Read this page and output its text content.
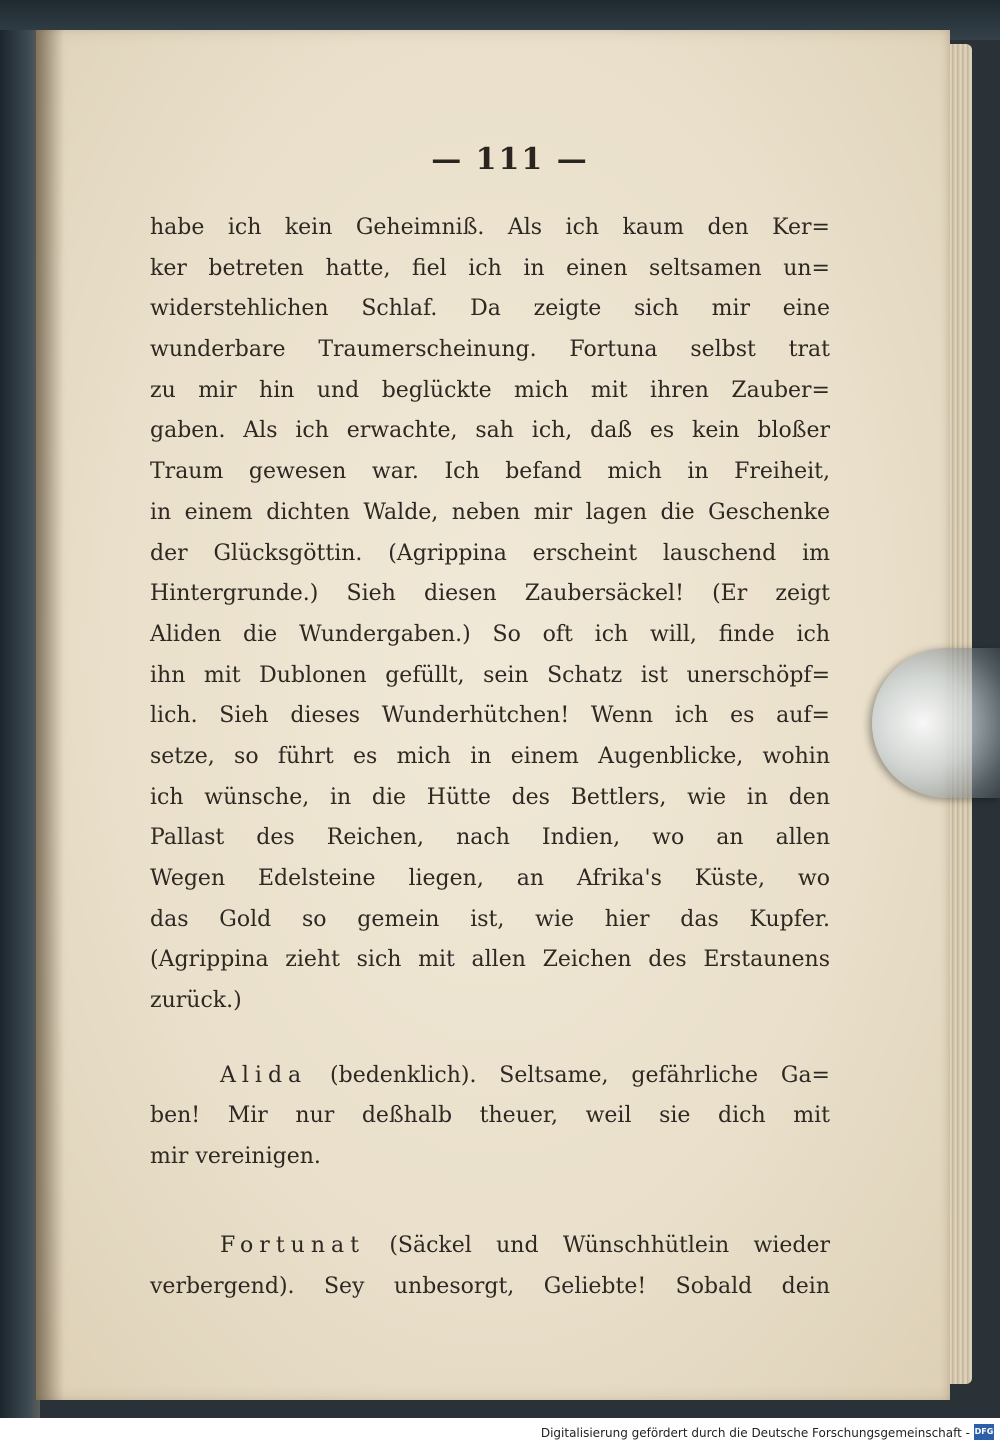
— 111 —
habe ich kein Geheimniß. Als ich kaum den Ker=
ker betreten hatte, fiel ich in einen seltsamen un=
widerstehlichen Schlaf. Da zeigte sich mir eine
wunderbare Traumerscheinung. Fortuna selbst trat
zu mir hin und beglückte mich mit ihren Zauber=
gaben. Als ich erwachte, sah ich, daß es kein bloßer
Traum gewesen war. Ich befand mich in Freiheit,
in einem dichten Walde, neben mir lagen die Geschenke
der Glücksgöttin. (Agrippina erscheint lauschend im
Hintergrunde.) Sieh diesen Zaubersäckel! (Er zeigt
Aliden die Wundergaben.) So oft ich will, finde ich
ihn mit Dublonen gefüllt, sein Schatz ist unerschöpf=
lich. Sieh dieses Wunderhütchen! Wenn ich es auf=
setze, so führt es mich in einem Augenblicke, wohin
ich wünsche, in die Hütte des Bettlers, wie in den
Pallast des Reichen, nach Indien, wo an allen
Wegen Edelsteine liegen, an Afrika's Küste, wo
das Gold so gemein ist, wie hier das Kupfer.
(Agrippina zieht sich mit allen Zeichen des Erstaunens
zurück.)
Alida (bedenklich). Seltsame, gefährliche Ga=
ben! Mir nur deßhalb theuer, weil sie dich mit
mir vereinigen.
Fortunat (Säckel und Wünschhütlein wieder
verbergend). Sey unbesorgt, Geliebte! Sobald dein
Digitalisierung gefördert durch die Deutsche Forschungsgemeinschaft - DFG
